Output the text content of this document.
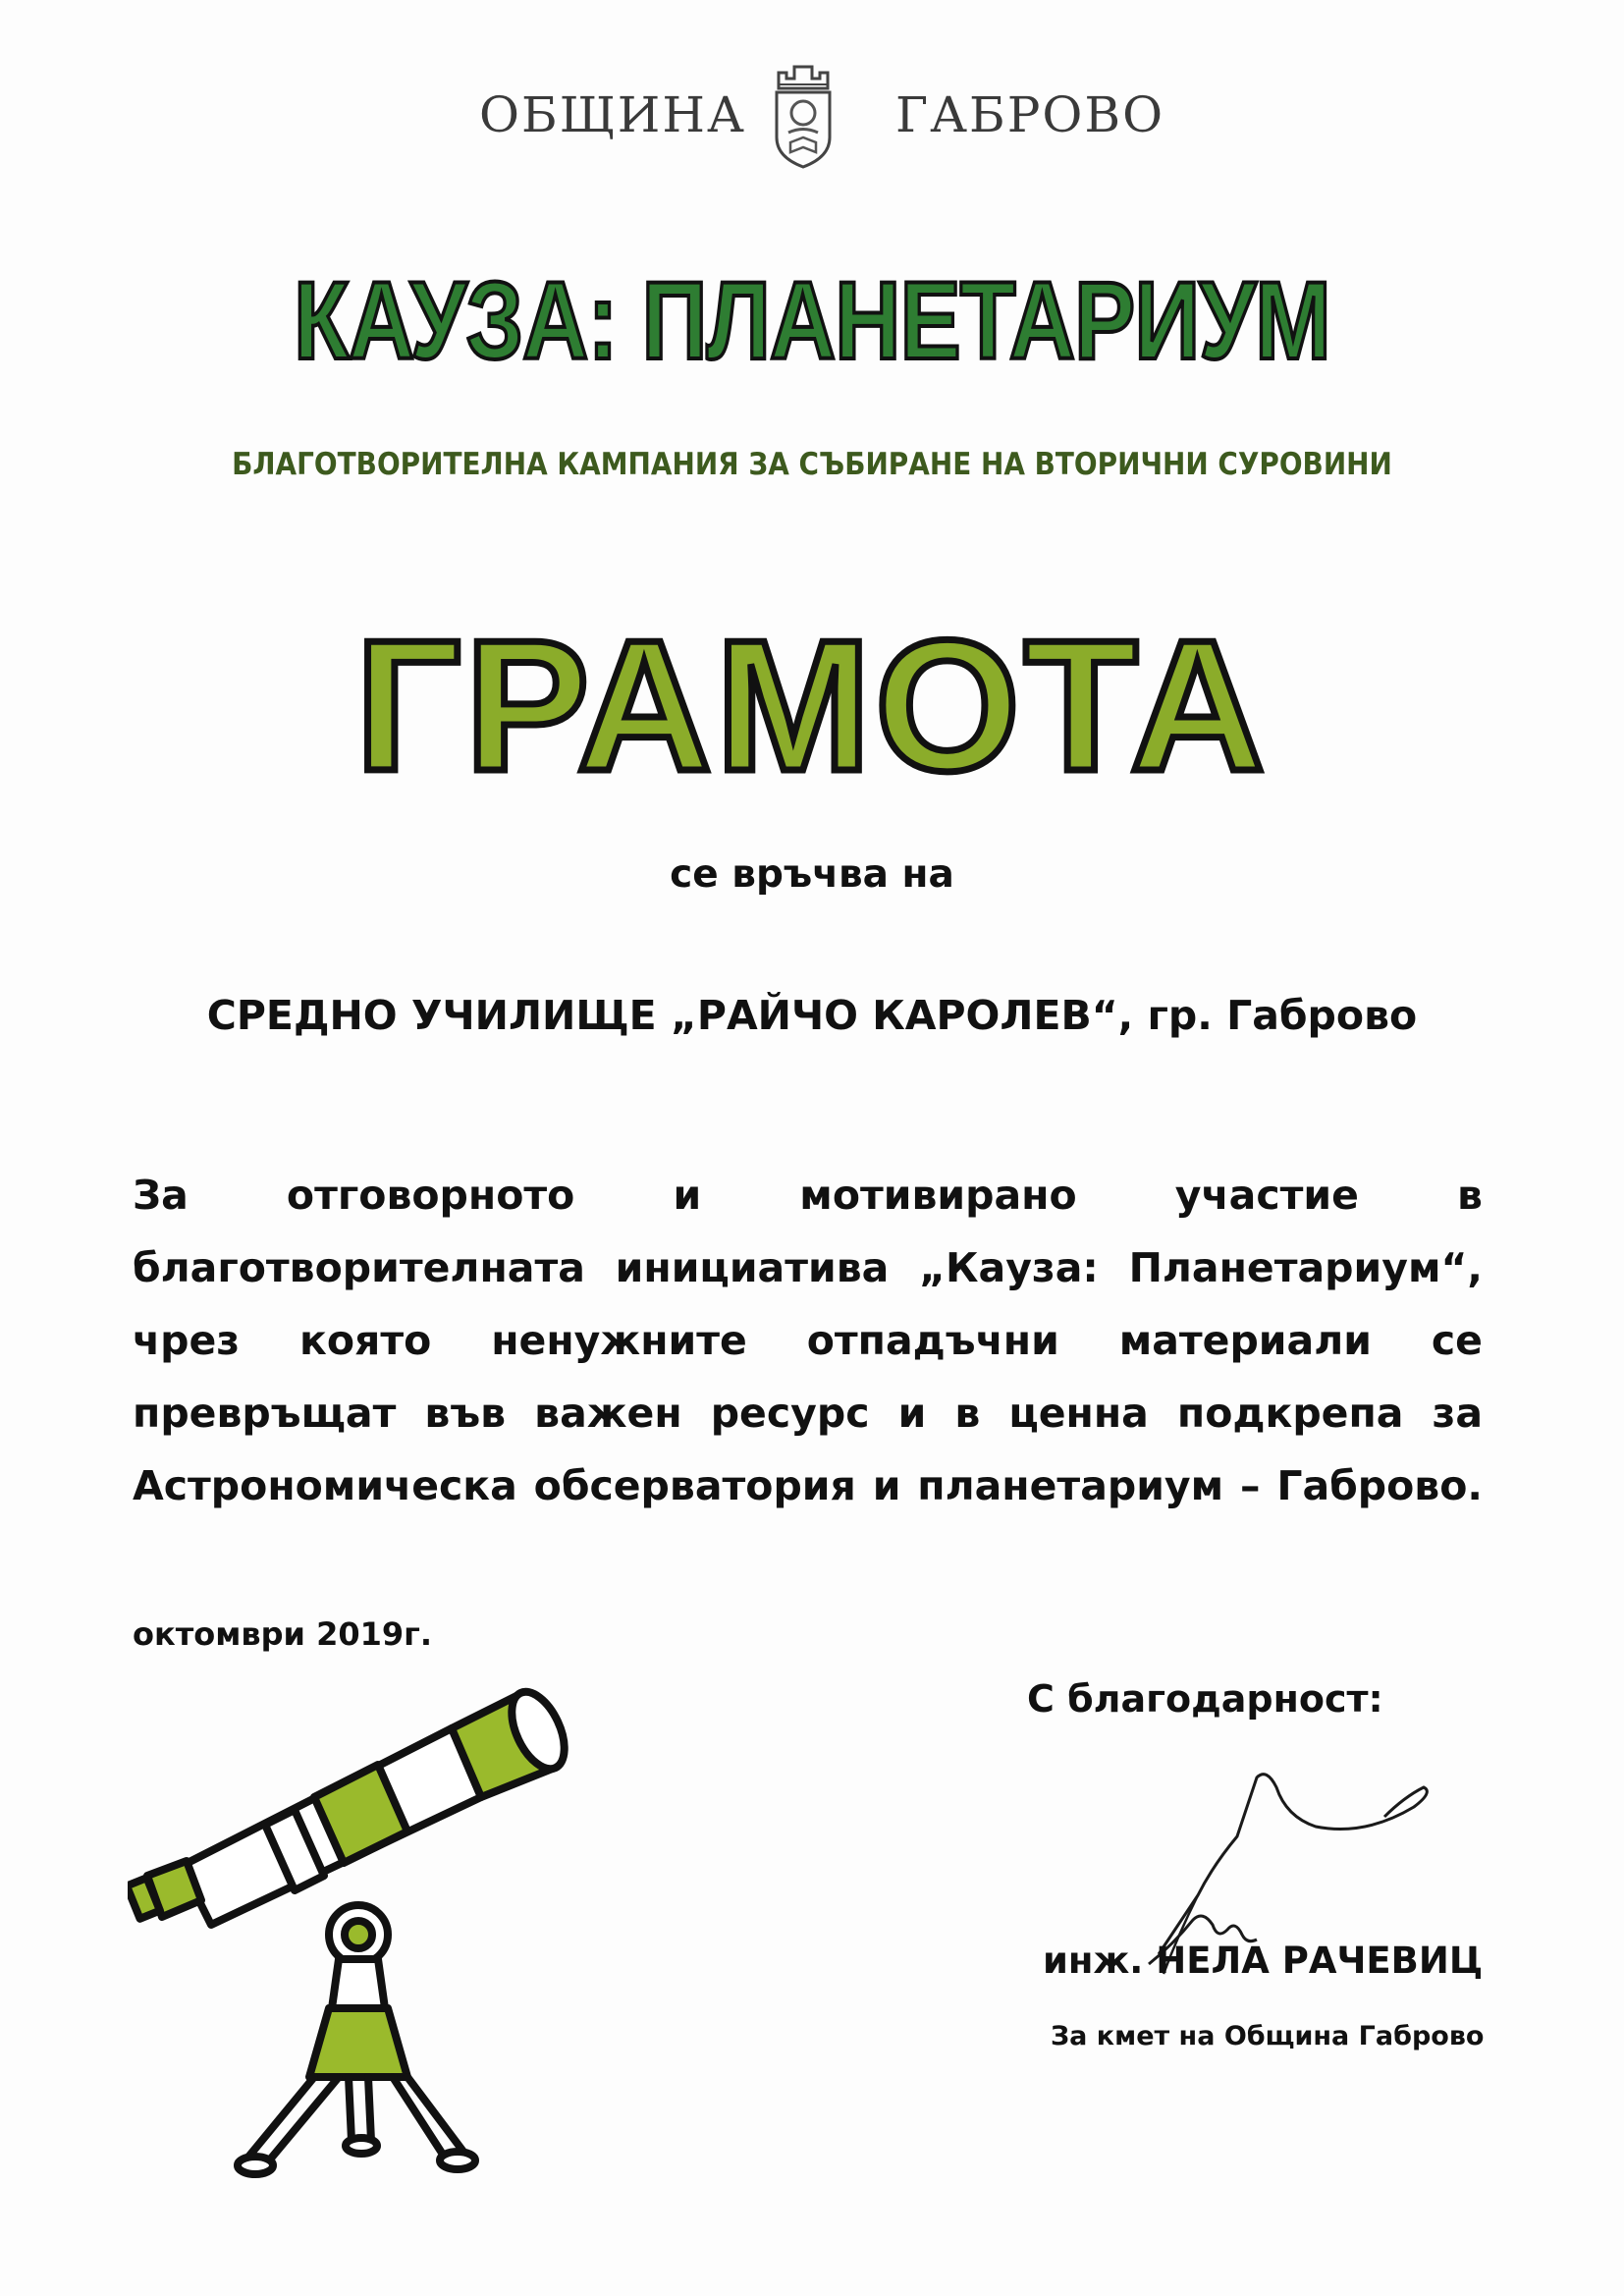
ОБЩИНА	ГАБРОВО
КАУЗА: ПЛАНЕТАРИУМ
БЛАГОТВОРИТЕЛНА КАМПАНИЯ ЗА СЪБИРАНЕ НА ВТОРИЧНИ СУРОВИНИ
ГРАМОТА
се връчва на
СРЕДНО УЧИЛИЩЕ „РАЙЧО КАРОЛЕВ“, гр. Габрово
За отговорното и мотивирано участие в
благотворителната инициатива „Кауза: Планетариум“,
чрез която ненужните отпадъчни материали се
превръщат във важен ресурс и в ценна подкрепа за
Астрономическа обсерватория и планетариум – Габрово.
октомври 2019г.
С благодарност:
инж. НЕЛА РАЧЕВИЦ
За кмет на Община Габрово
